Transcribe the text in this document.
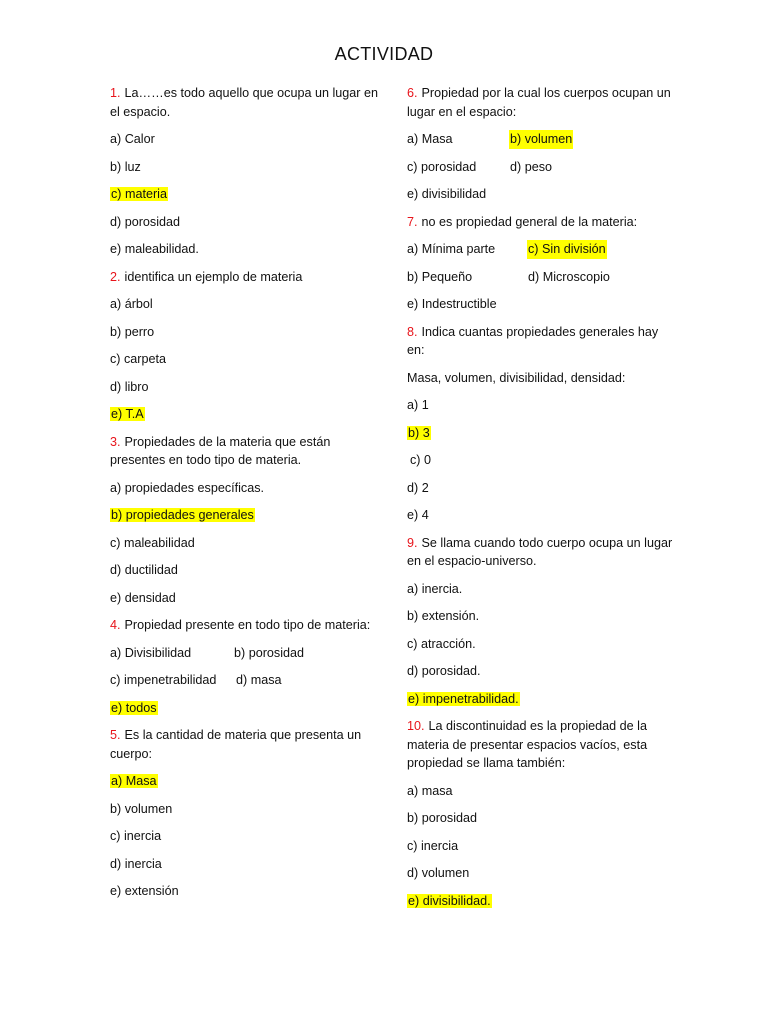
ACTIVIDAD

1. La……es todo aquello que ocupa un lugar en el espacio.

a) Calor

b) luz

c) materia

d) porosidad

e) maleabilidad.

2. identifica un ejemplo de materia

a) árbol

b) perro

c) carpeta

d) libro

e) T.A

3. Propiedades de la materia que están presentes en todo tipo de materia.

a) propiedades específicas.

b) propiedades generales

c) maleabilidad

d) ductilidad

e) densidad

4. Propiedad presente en todo tipo de materia:

a) Divisibilidad	b) porosidad

c) impenetrabilidad d) masa

e) todos

5. Es la cantidad de materia que presenta un cuerpo:

a) Masa

b) volumen

c) inercia

d) inercia

e) extensión

6. Propiedad por la cual los cuerpos ocupan un lugar en el espacio:

a) Masa	b) volumen

c) porosidad	d) peso

e) divisibilidad

7. no es propiedad general de la materia:

a) Mínima parte	c) Sin división

b) Pequeño	d) Microscopio

e) Indestructible

8. Indica cuantas propiedades generales hay en:

Masa, volumen, divisibilidad, densidad:

a) 1

b) 3

c) 0

d) 2

e) 4

9. Se llama cuando todo cuerpo ocupa un lugar en el espacio-universo.

a) inercia.

b) extensión.

c) atracción.

d) porosidad.

e) impenetrabilidad.

10. La discontinuidad es la propiedad de la materia de presentar espacios vacíos, esta propiedad se llama también:

a) masa

b) porosidad

c) inercia

d) volumen

e) divisibilidad.
